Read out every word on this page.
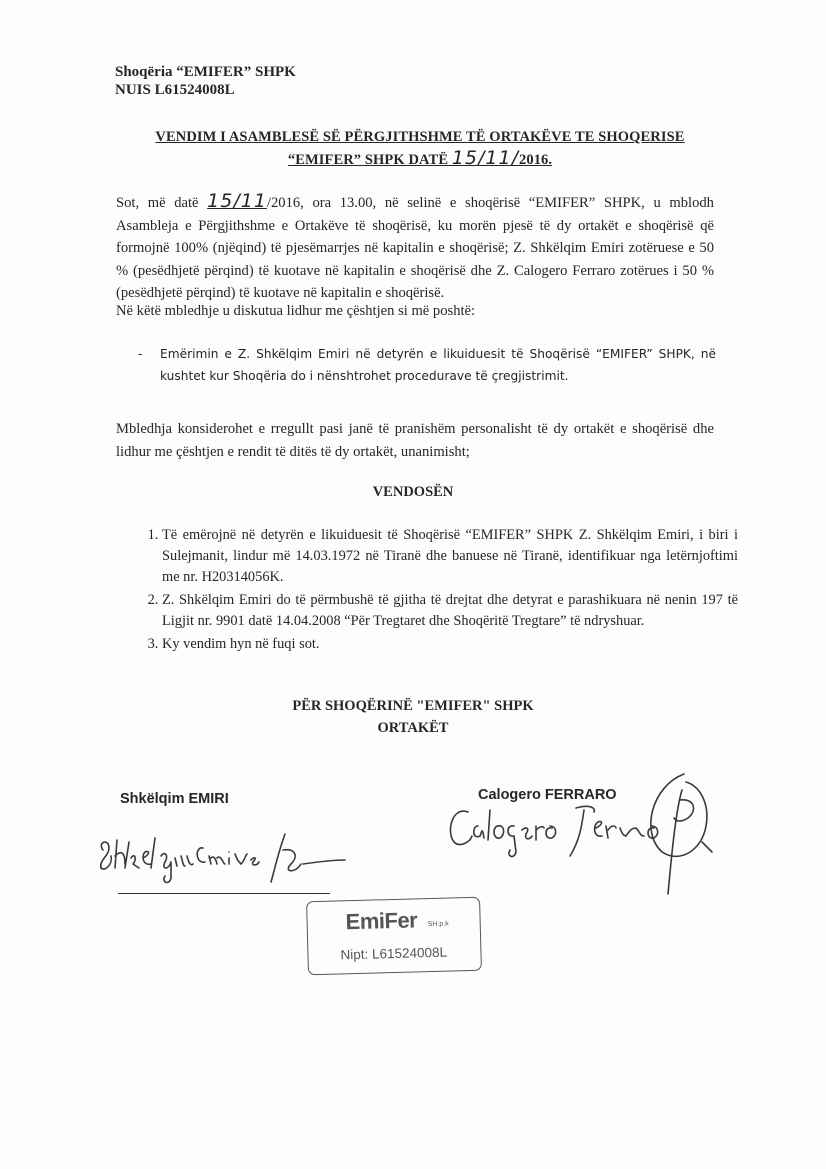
Shoqëria “EMIFER” SHPK
NUIS L61524008L
VENDIM I ASAMBLESË SË PËRGJITHSHME TË ORTAKËVE TE SHOQERISE
“EMIFER” SHPK DATË 15/11/2016.
Sot, më datë 15/11/2016, ora 13.00, në selinë e shoqërisë “EMIFER” SHPK, u mblodh Asambleja e Përgjithshme e Ortakëve të shoqërisë, ku morën pjesë të dy ortakët e shoqërisë që formojnë 100% (njëqind) të pjesëmarrjes në kapitalin e shoqërisë; Z. Shkëlqim Emiri zotëruese e 50 % (pesëdhjetë përqind) të kuotave në kapitalin e shoqërisë dhe Z. Calogero Ferraro zotërues i 50 % (pesëdhjetë përqind) të kuotave në kapitalin e shoqërisë.
Në këtë mbledhje u diskutua lidhur me çështjen si më poshtë:
- Emërimin e Z. Shkëlqim Emiri në detyrën e likuiduesit të Shoqërisë “EMIFER” SHPK, në kushtet kur Shoqëria do i nënshtrohet procedurave të çregjistrimit.
Mbledhja konsiderohet e rregullt pasi janë të pranishëm personalisht të dy ortakët e shoqërisë dhe lidhur me çështjen e rendit të ditës të dy ortakët, unanimisht;
VENDOSËN
1. Të emërojnë në detyrën e likuiduesit të Shoqërisë “EMIFER” SHPK Z. Shkëlqim Emiri, i biri i Sulejmanit, lindur më 14.03.1972 në Tiranë dhe banuese në Tiranë, identifikuar nga letërnjoftimi me nr. H20314056K.
2. Z. Shkëlqim Emiri do të përmbushë të gjitha të drejtat dhe detyrat e parashikuara në nenin 197 të Ligjit nr. 9901 datë 14.04.2008 “Për Tregtaret dhe Shoqëritë Tregtare” të ndryshuar.
3. Ky vendim hyn në fuqi sot.
PËR SHOQËRINË "EMIFER" SHPK
ORTAKËT
Shkëlqim EMIRI	Calogero FERRARO
EmiFer SH.p.k
Nipt: L61524008L
